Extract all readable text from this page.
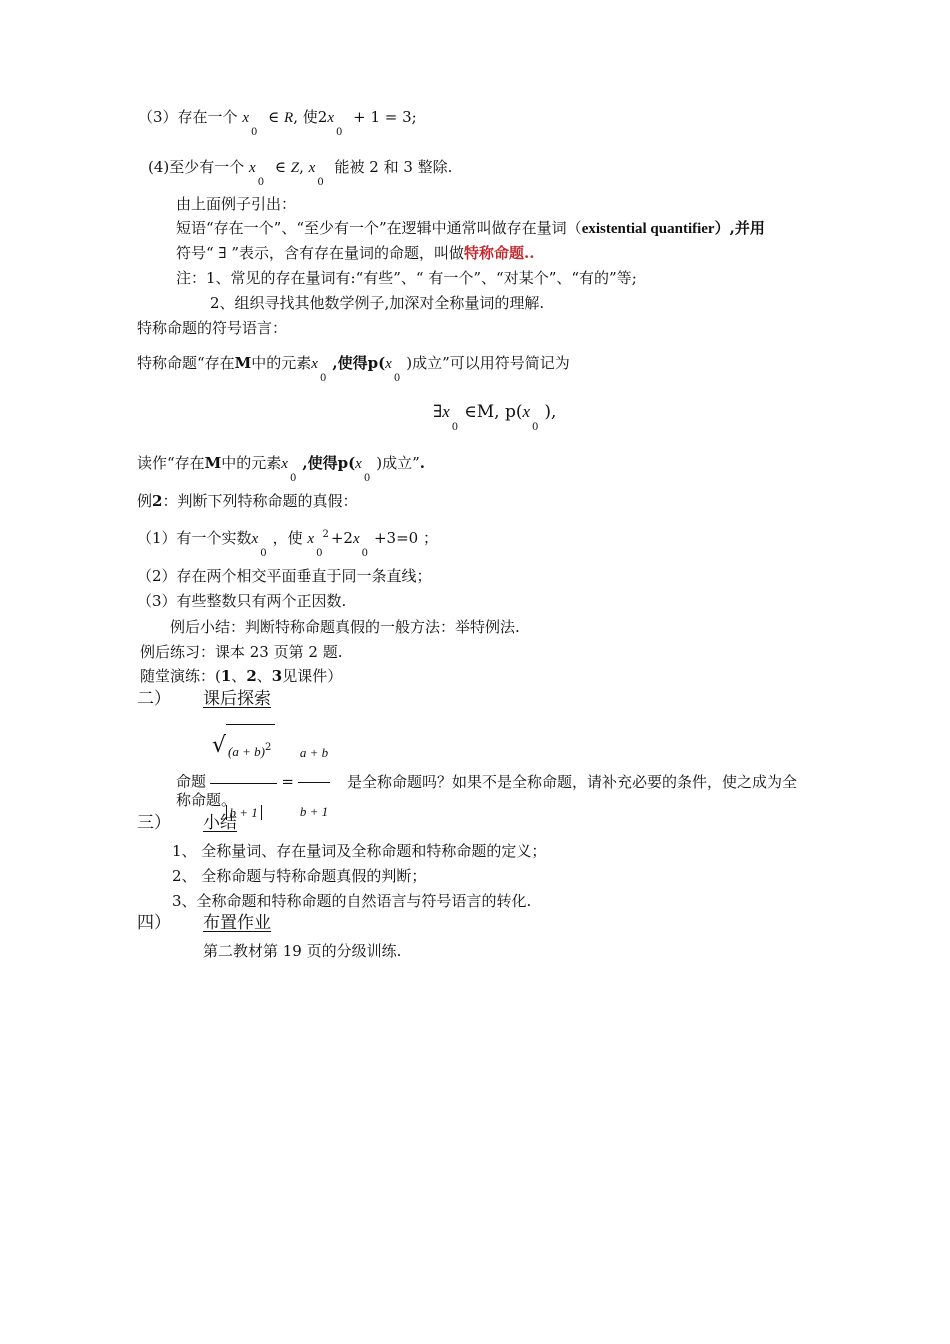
（3）存在一个 $x_0$ ∈ R, 使$2x_0 + 1 = 3$;
(4)至少有一个 $x_0$ ∈ Z, $x_0$ 能被 2 和 3 整除.
由上面例子引出：
短语“存在一个”、“至少有一个”在逻辑中通常叫做存在量词（existential quantifier）,并用
符号“ ∃ ”表示，含有存在量词的命题，叫做特称命题..
注：1、常见的存在量词有:“有些”、“ 有一个”、“对某个”、“有的”等;
2、组织寻找其他数学例子,加深对全称量词的理解.
特称命题的符号语言：
特称命题“存在M中的元素$x_0$,使得$p(x_0)$成立”可以用符号简记为
$\exists x_0\in M$, $p(x_0)$,
读作“存在M中的元素$x_0$,使得$p(x_0)$成立”.
例2：判断下列特称命题的真假：
（1）有一个实数$x_0$，使 $x_0^2 +2x_0+3=0$ ；
（2）存在两个相交平面垂直于同一条直线；
（3）有些整数只有两个正因数.
例后小结：判断特称命题真假的一般方法：举特例法.
例后练习：课本 23 页第 2 题.
随堂演练：(1、2、3见课件）
二） 课后探索
命题
√ $\frac{(a + b)^2}{b + 1} = \frac{a + b}{b + 1}$ 是全称命题吗？如果不是全称命题，请补充必要的条件，使之成为全
称命题。
三） 小结
1、 全称量词、存在量词及全称命题和特称命题的定义；
2、 全称命题与特称命题真假的判断；
3、全称命题和特称命题的自然语言与符号语言的转化.
四） 布置作业
第二教材第 19 页的分级训练.
